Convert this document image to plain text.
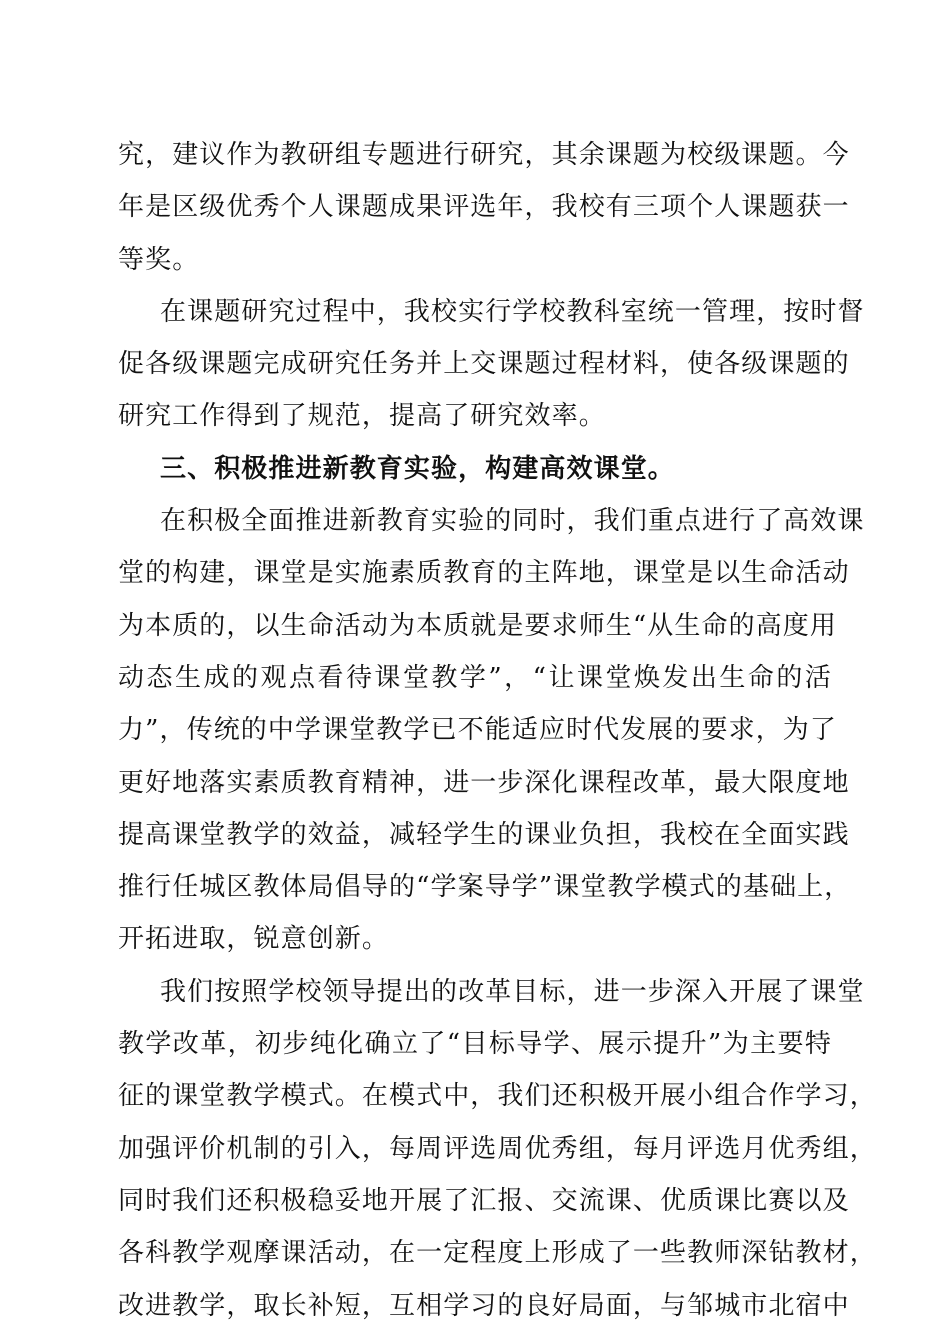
究，建议作为教研组专题进行研究，其余课题为校级课题。今
年是区级优秀个人课题成果评选年，我校有三项个人课题获一
等奖。
在课题研究过程中，我校实行学校教科室统一管理，按时督
促各级课题完成研究任务并上交课题过程材料，使各级课题的
研究工作得到了规范，提高了研究效率。
三、积极推进新教育实验，构建高效课堂。
在积极全面推进新教育实验的同时，我们重点进行了高效课
堂的构建，课堂是实施素质教育的主阵地，课堂是以生命活动
为本质的，以生命活动为本质就是要求师生“从生命的高度用
动态生成的观点看待课堂教学”，“让课堂焕发出生命的活
力”，传统的中学课堂教学已不能适应时代发展的要求，为了
更好地落实素质教育精神，进一步深化课程改革，最大限度地
提高课堂教学的效益，减轻学生的课业负担，我校在全面实践
推行任城区教体局倡导的“学案导学”课堂教学模式的基础上，
开拓进取，锐意创新。
我们按照学校领导提出的改革目标，进一步深入开展了课堂
教学改革，初步纯化确立了“目标导学、展示提升”为主要特
征的课堂教学模式。在模式中，我们还积极开展小组合作学习，
加强评价机制的引入，每周评选周优秀组，每月评选月优秀组，
同时我们还积极稳妥地开展了汇报、交流课、优质课比赛以及
各科教学观摩课活动，在一定程度上形成了一些教师深钻教材，
改进教学，取长补短，互相学习的良好局面，与邹城市北宿中
